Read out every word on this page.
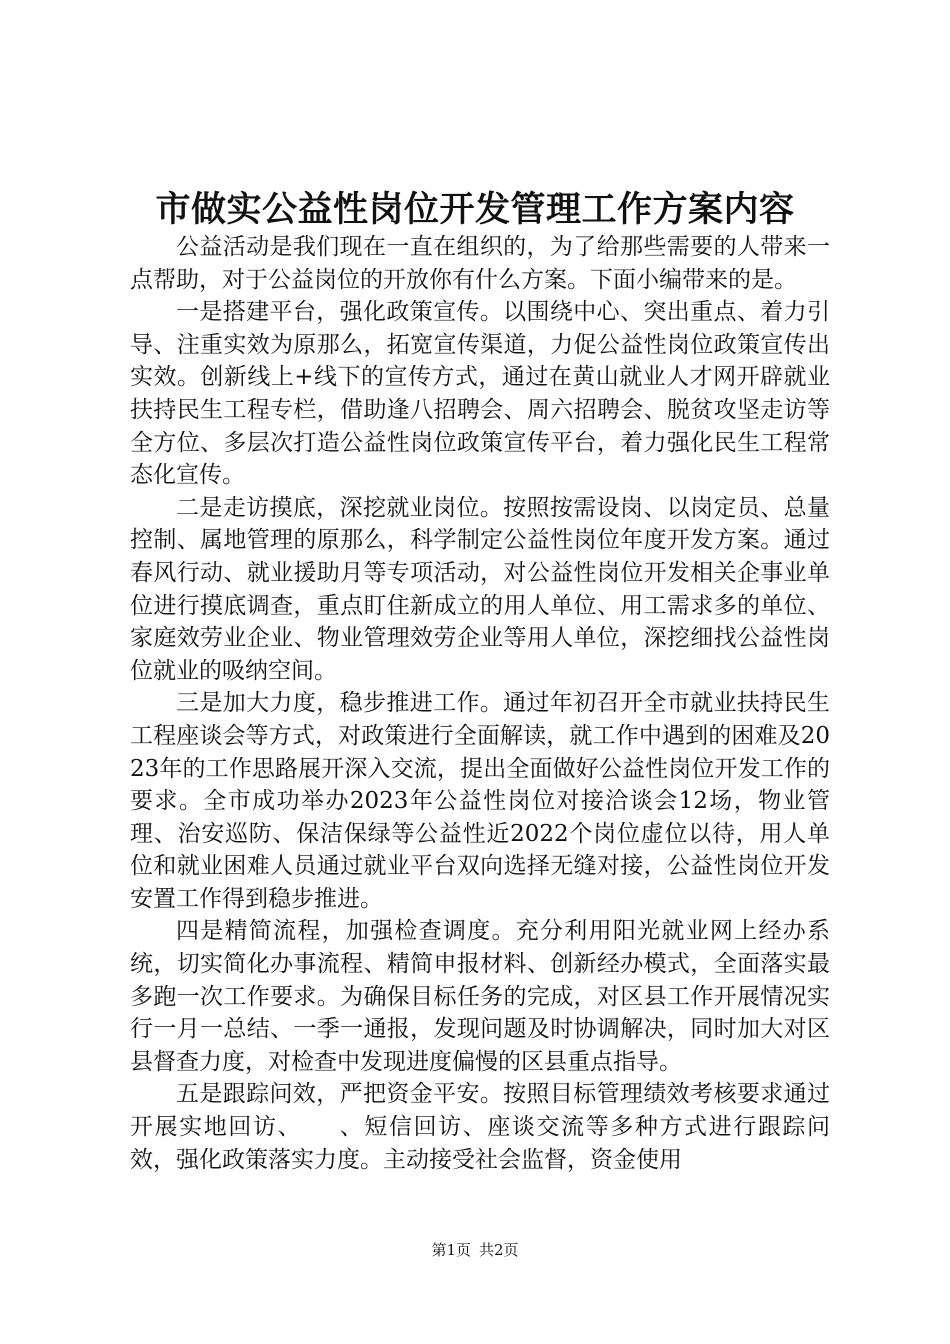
市做实公益性岗位开发管理工作方案内容

公益活动是我们现在一直在组织的，为了给那些需要的人带来一点帮助，对于公益岗位的开放你有什么方案。下面小编带来的是。

一是搭建平台，强化政策宣传。以围绕中心、突出重点、着力引导、注重实效为原那么，拓宽宣传渠道，力促公益性岗位政策宣传出实效。创新线上+线下的宣传方式，通过在黄山就业人才网开辟就业扶持民生工程专栏，借助逢八招聘会、周六招聘会、脱贫攻坚走访等全方位、多层次打造公益性岗位政策宣传平台，着力强化民生工程常态化宣传。

二是走访摸底，深挖就业岗位。按照按需设岗、以岗定员、总量控制、属地管理的原那么，科学制定公益性岗位年度开发方案。通过春风行动、就业援助月等专项活动，对公益性岗位开发相关企事业单位进行摸底调查，重点盯住新成立的用人单位、用工需求多的单位、家庭效劳业企业、物业管理效劳企业等用人单位，深挖细找公益性岗位就业的吸纳空间。

三是加大力度，稳步推进工作。通过年初召开全市就业扶持民生工程座谈会等方式，对政策进行全面解读，就工作中遇到的困难及2023年的工作思路展开深入交流，提出全面做好公益性岗位开发工作的要求。全市成功举办2023年公益性岗位对接洽谈会12场，物业管理、治安巡防、保洁保绿等公益性近2022个岗位虚位以待，用人单位和就业困难人员通过就业平台双向选择无缝对接，公益性岗位开发安置工作得到稳步推进。

四是精简流程，加强检查调度。充分利用阳光就业网上经办系统，切实简化办事流程、精简申报材料、创新经办模式，全面落实最多跑一次工作要求。为确保目标任务的完成，对区县工作开展情况实行一月一总结、一季一通报，发现问题及时协调解决，同时加大对区县督查力度，对检查中发现进度偏慢的区县重点指导。

五是跟踪问效，严把资金平安。按照目标管理绩效考核要求通过开展实地回访、　　、短信回访、座谈交流等多种方式进行跟踪问效，强化政策落实力度。主动接受社会监督，资金使用

第1页 共2页
